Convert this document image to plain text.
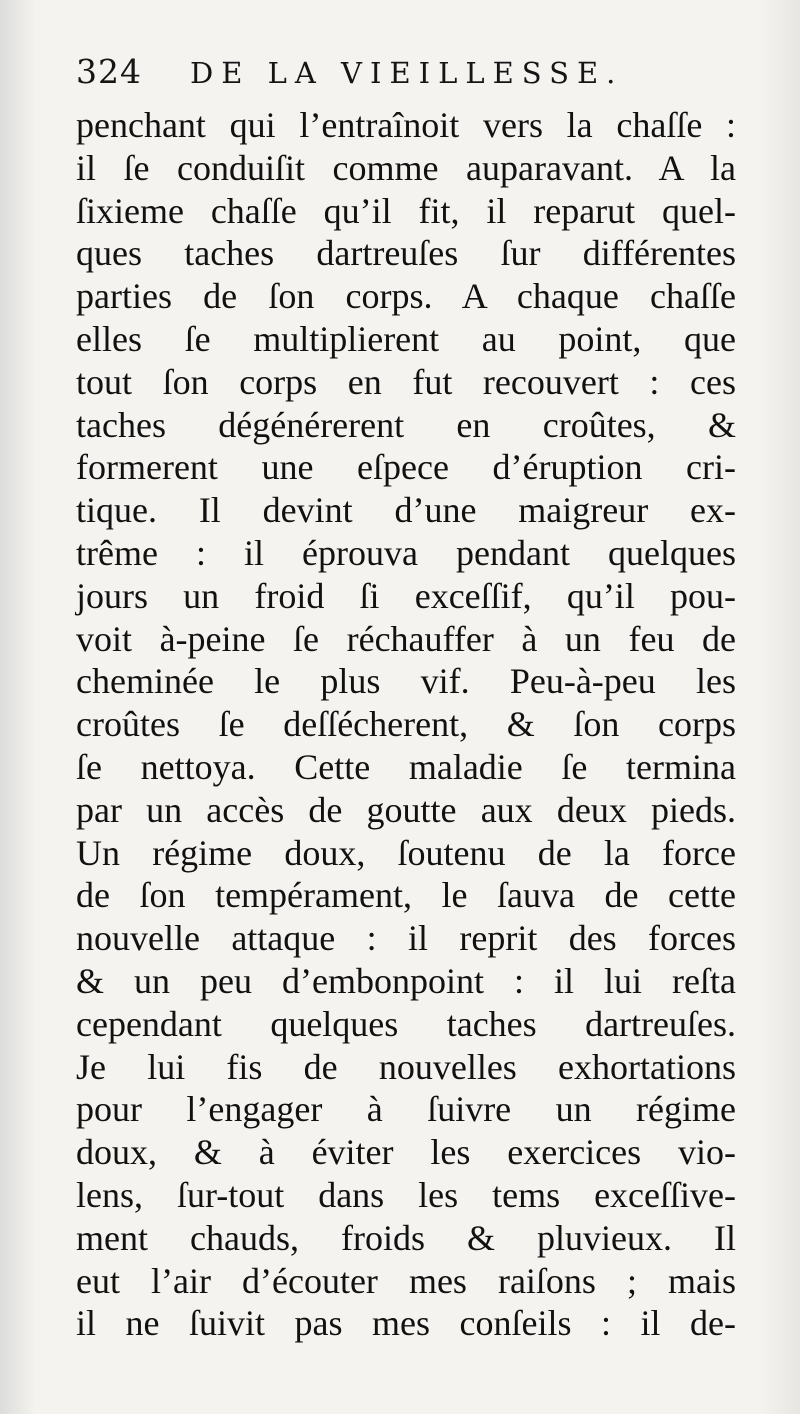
324 DE LA VIEILLESSE.
penchant qui l’entraînoit vers la chaſſe :
il ſe conduiſit comme auparavant. A la
ſixieme chaſſe qu’il fit, il reparut quel-
ques taches dartreuſes ſur différentes
parties de ſon corps. A chaque chaſſe
elles ſe multiplierent au point, que
tout ſon corps en fut recouvert : ces
taches dégénérerent en croûtes, &
formerent une eſpece d’éruption cri-
tique. Il devint d’une maigreur ex-
trême : il éprouva pendant quelques
jours un froid ſi exceſſif, qu’il pou-
voit à-peine ſe réchauffer à un feu de
cheminée le plus vif. Peu-à-peu les
croûtes ſe deſſécherent, & ſon corps
ſe nettoya. Cette maladie ſe termina
par un accès de goutte aux deux pieds.
Un régime doux, ſoutenu de la force
de ſon tempérament, le ſauva de cette
nouvelle attaque : il reprit des forces
& un peu d’embonpoint : il lui reſta
cependant quelques taches dartreuſes.
Je lui fis de nouvelles exhortations
pour l’engager à ſuivre un régime
doux, & à éviter les exercices vio-
lens, ſur-tout dans les tems exceſſive-
ment chauds, froids & pluvieux. Il
eut l’air d’écouter mes raiſons ; mais
il ne ſuivit pas mes conſeils : il de-
